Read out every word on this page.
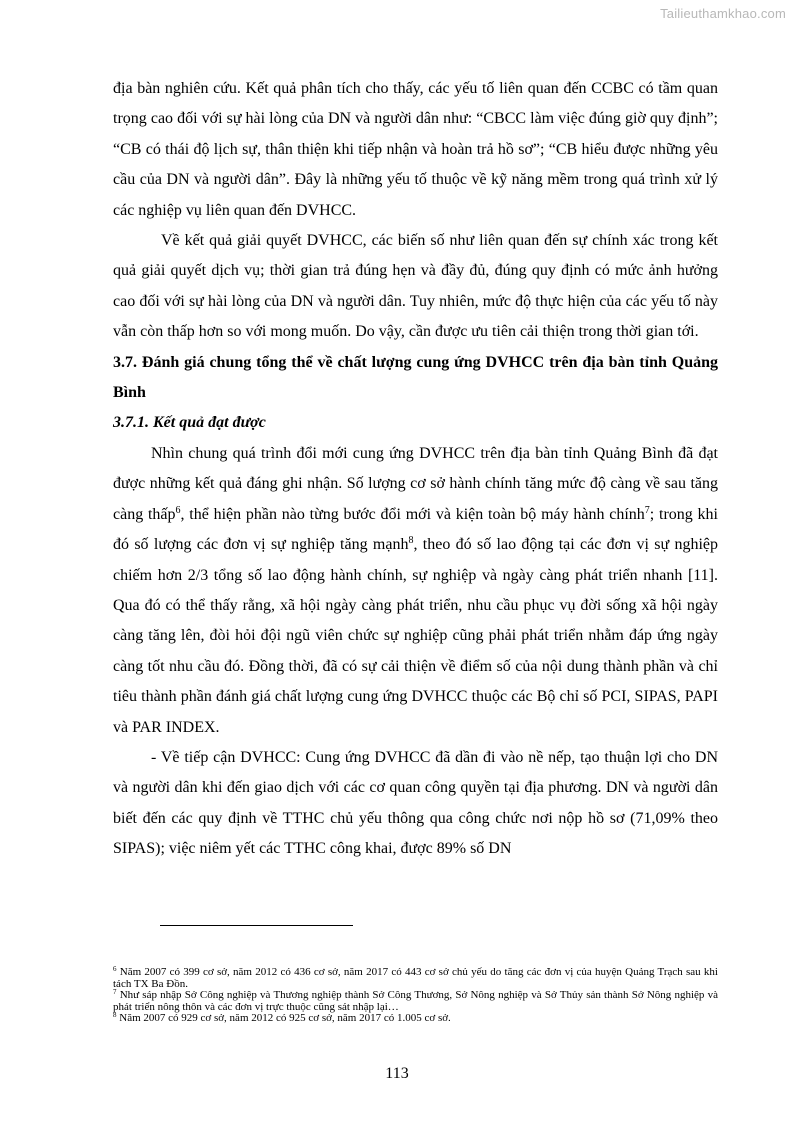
Tailieuthamkhao.com

địa bàn nghiên cứu. Kết quả phân tích cho thấy, các yếu tố liên quan đến CCBC có tầm quan trọng cao đối với sự hài lòng của DN và người dân như: “CBCC làm việc đúng giờ quy định”; “CB có thái độ lịch sự, thân thiện khi tiếp nhận và hoàn trả hồ sơ”; “CB hiểu được những yêu cầu của DN và người dân”. Đây là những yếu tố thuộc về kỹ năng mềm trong quá trình xử lý các nghiệp vụ liên quan đến DVHCC.

Về kết quả giải quyết DVHCC, các biến số như liên quan đến sự chính xác trong kết quả giải quyết dịch vụ; thời gian trả đúng hẹn và đầy đủ, đúng quy định có mức ảnh hưởng cao đối với sự hài lòng của DN và người dân. Tuy nhiên, mức độ thực hiện của các yếu tố này vẫn còn thấp hơn so với mong muốn. Do vậy, cần được ưu tiên cải thiện trong thời gian tới.

3.7. Đánh giá chung tổng thể về chất lượng cung ứng DVHCC trên địa bàn tỉnh Quảng Bình

3.7.1. Kết quả đạt được

Nhìn chung quá trình đổi mới cung ứng DVHCC trên địa bàn tỉnh Quảng Bình đã đạt được những kết quả đáng ghi nhận. Số lượng cơ sở hành chính tăng mức độ càng về sau tăng càng thấp$^6$, thể hiện phần nào từng bước đổi mới và kiện toàn bộ máy hành chính$^7$; trong khi đó số lượng các đơn vị sự nghiệp tăng mạnh$^8$, theo đó số lao động tại các đơn vị sự nghiệp chiếm hơn 2/3 tổng số lao động hành chính, sự nghiệp và ngày càng phát triển nhanh [11]. Qua đó có thể thấy rằng, xã hội ngày càng phát triển, nhu cầu phục vụ đời sống xã hội ngày càng tăng lên, đòi hỏi đội ngũ viên chức sự nghiệp cũng phải phát triển nhằm đáp ứng ngày càng tốt nhu cầu đó. Đồng thời, đã có sự cải thiện về điểm số của nội dung thành phần và chỉ tiêu thành phần đánh giá chất lượng cung ứng DVHCC thuộc các Bộ chỉ số PCI, SIPAS, PAPI và PAR INDEX.

- Về tiếp cận DVHCC: Cung ứng DVHCC đã dần đi vào nề nếp, tạo thuận lợi cho DN và người dân khi đến giao dịch với các cơ quan công quyền tại địa phương. DN và người dân biết đến các quy định về TTHC chủ yếu thông qua công chức nơi nộp hồ sơ (71,09% theo SIPAS); việc niêm yết các TTHC công khai, được 89% số DN

$^6$ Năm 2007 có 399 cơ sở, năm 2012 có 436 cơ sở, năm 2017 có 443 cơ sở chủ yếu do tăng các đơn vị của huyện Quảng Trạch sau khi tách TX Ba Đồn.

$^7$ Như sáp nhập Sở Công nghiệp và Thương nghiệp thành Sở Công Thương, Sở Nông nghiệp và Sở Thủy sản thành Sở Nông nghiệp và phát triển nông thôn và các đơn vị trực thuộc cũng sát nhập lại…

$^8$ Năm 2007 có 929 cơ sở, năm 2012 có 925 cơ sở, năm 2017 có 1.005 cơ sở.

113
